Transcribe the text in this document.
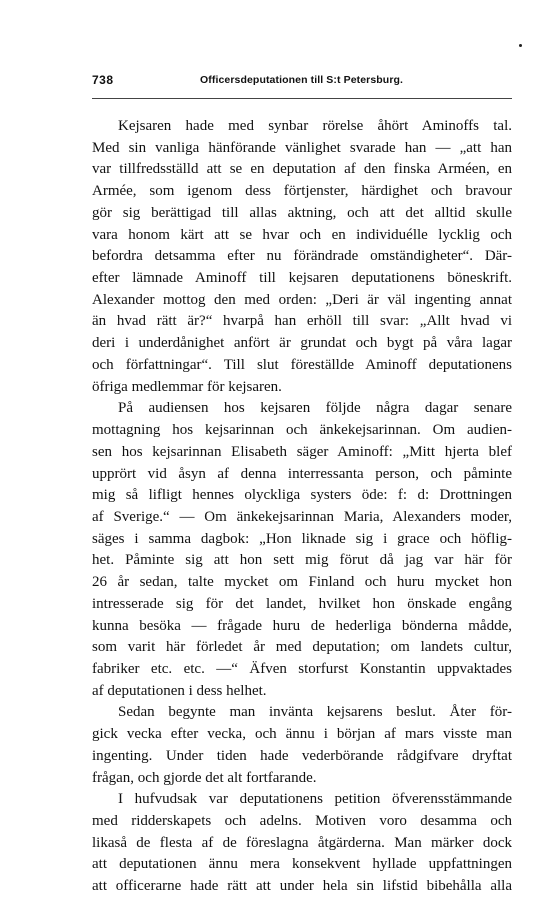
738	Officersdeputationen till S:t Petersburg.
Kejsaren hade med synbar rörelse åhört Aminoffs tal.
Med sin vanliga hänförande vänlighet svarade han — „att han
var tillfredsställd att se en deputation af den finska Arméen, en
Armée, som igenom dess förtjenster, härdighet och bravour
gör sig berättigad till allas aktning, och att det alltid skulle
vara honom kärt att se hvar och en individuélle lycklig och
befordra detsamma efter nu förändrade omständigheter“. Där-
efter lämnade Aminoff till kejsaren deputationens böneskrift.
Alexander mottog den med orden: „Deri är väl ingenting annat
än hvad rätt är?“ hvarpå han erhöll till svar: „Allt hvad vi
deri i underdånighet anfört är grundat och bygt på våra lagar
och författningar“. Till slut föreställde Aminoff deputationens
öfriga medlemmar för kejsaren.
På audiensen hos kejsaren följde några dagar senare
mottagning hos kejsarinnan och änkekejsarinnan. Om audien-
sen hos kejsarinnan Elisabeth säger Aminoff: „Mitt hjerta blef
upprört vid åsyn af denna interressanta person, och påminte
mig så lifligt hennes olyckliga systers öde: f: d: Drottningen
af Sverige.“ — Om änkekejsarinnan Maria, Alexanders moder,
säges i samma dagbok: „Hon liknade sig i grace och höflig-
het. Påminte sig att hon sett mig förut då jag var här för
26 år sedan, talte mycket om Finland och huru mycket hon
intresserade sig för det landet, hvilket hon önskade engång
kunna besöka — frågade huru de hederliga bönderna mådde,
som varit här förledet år med deputation; om landets cultur,
fabriker etc. etc. —“ Äfven storfurst Konstantin uppvaktades
af deputationen i dess helhet.
Sedan begynte man invänta kejsarens beslut. Åter för-
gick vecka efter vecka, och ännu i början af mars visste man
ingenting. Under tiden hade vederbörande rådgifvare dryftat
frågan, och gjorde det alt fortfarande.
I hufvudsak var deputationens petition öfverensstämmande
med ridderskapets och adelns. Motiven voro desamma och
likaså de flesta af de föreslagna åtgärderna. Man märker dock
att deputationen ännu mera konsekvent hyllade uppfattningen
att officerarne hade rätt att under hela sin lifstid bibehålla alla
